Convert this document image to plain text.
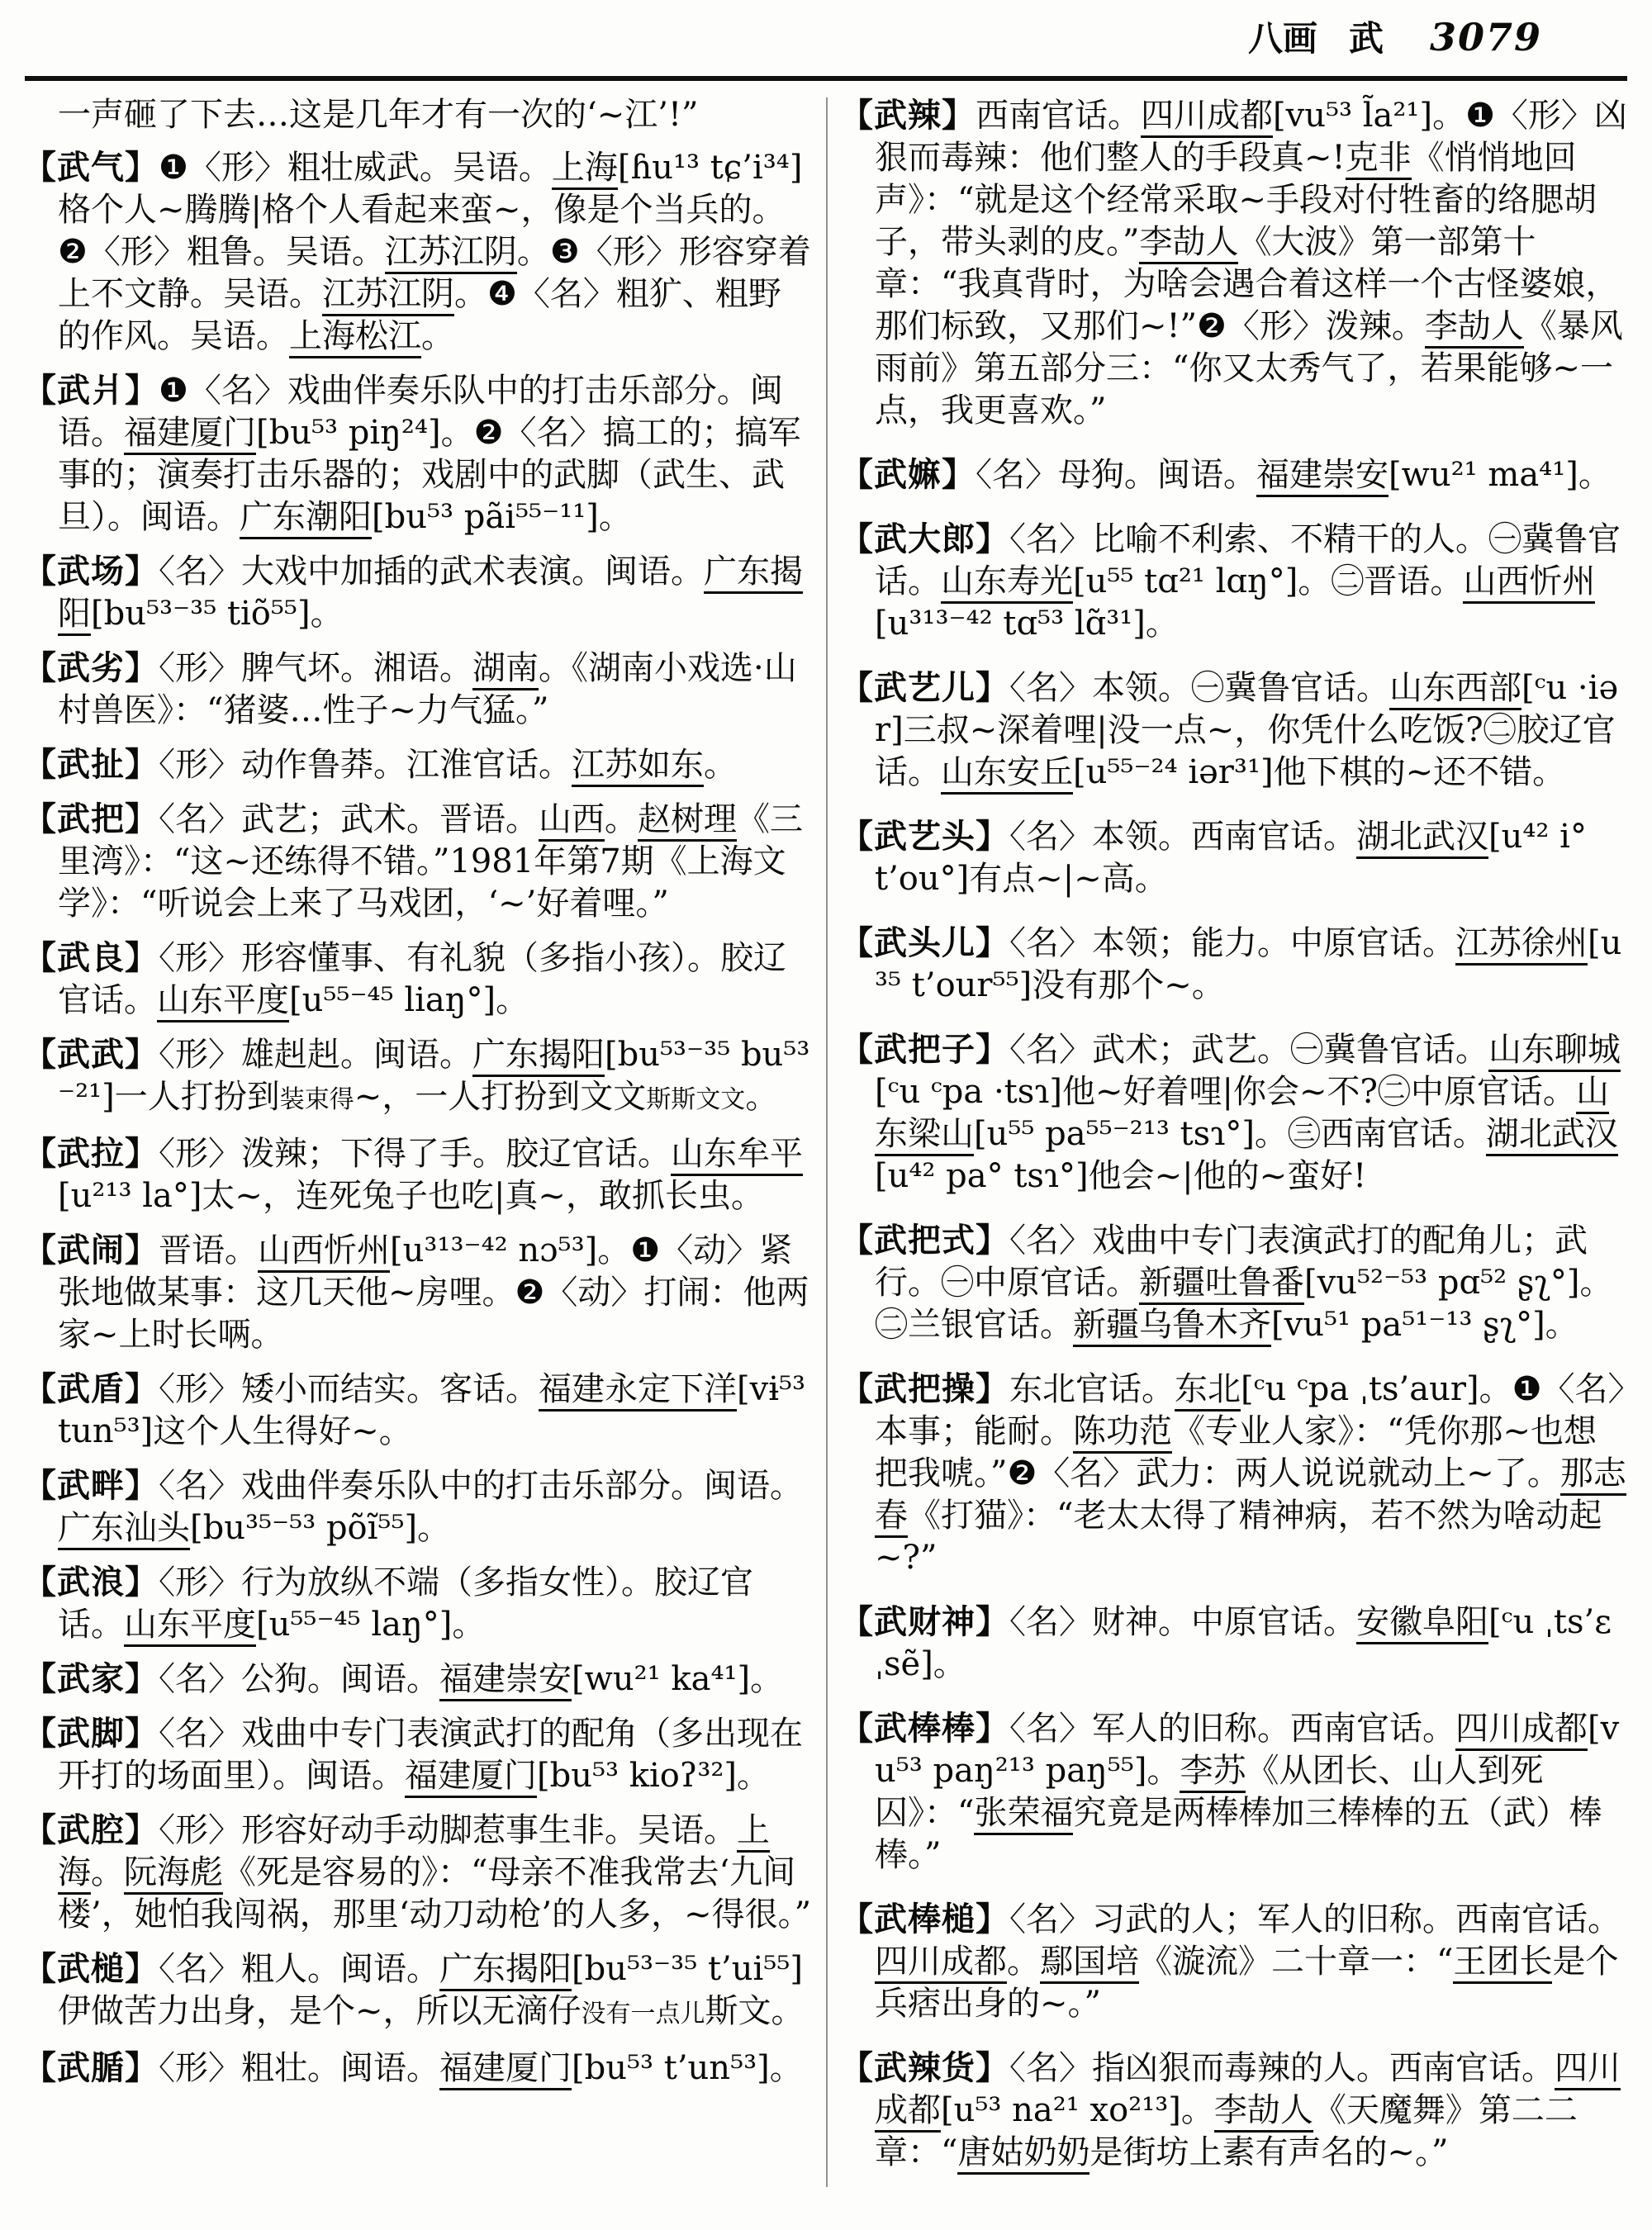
八画 武 3079

一声砸了下去…这是几年才有一次的‘~江’!”

【武气】❶〈形〉粗壮威武。吴语。上海[ɦu¹³ tɕ’i³⁴]格个人~腾腾|格个人看起来蛮~，像是个当兵的。❷〈形〉粗鲁。吴语。江苏江阴。❸〈形〉形容穿着上不文静。吴语。江苏江阴。❹〈名〉粗犷、粗野的作风。吴语。上海松江。

【武爿】❶〈名〉戏曲伴奏乐队中的打击乐部分。闽语。福建厦门[bu⁵³ piŋ²⁴]。❷〈名〉搞工的；搞军事的；演奏打击乐器的；戏剧中的武脚（武生、武旦）。闽语。广东潮阳[bu⁵³ pãi⁵⁵⁻¹¹]。

【武场】〈名〉大戏中加插的武术表演。闽语。广东揭阳[bu⁵³⁻³⁵ tiõ⁵⁵]。

【武劣】〈形〉脾气坏。湘语。湖南。《湖南小戏选·山村兽医》：“猪婆…性子~力气猛。”

【武扯】〈形〉动作鲁莽。江淮官话。江苏如东。

【武把】〈名〉武艺；武术。晋语。山西。赵树理《三里湾》：“这~还练得不错。”1981年第7期《上海文学》：“听说会上来了马戏团，‘~’好着哩。”

【武良】〈形〉形容懂事、有礼貌（多指小孩）。胶辽官话。山东平度[u⁵⁵⁻⁴⁵ liaŋ°]。

【武武】〈形〉雄赳赳。闽语。广东揭阳[bu⁵³⁻³⁵ bu⁵³⁻²¹]一人打扮到装束得~，一人打扮到文文斯斯文文。

【武拉】〈形〉泼辣；下得了手。胶辽官话。山东牟平[u²¹³ la°]太~，连死兔子也吃|真~，敢抓长虫。

【武闹】晋语。山西忻州[u³¹³⁻⁴² nɔ⁵³]。❶〈动〉紧张地做某事：这几天他~房哩。❷〈动〉打闹：他两家~上时长唡。

【武盾】〈形〉矮小而结实。客话。福建永定下洋[vɨ⁵³ tun⁵³]这个人生得好~。

【武畔】〈名〉戏曲伴奏乐队中的打击乐部分。闽语。广东汕头[bu³⁵⁻⁵³ põĩ⁵⁵]。

【武浪】〈形〉行为放纵不端（多指女性）。胶辽官话。山东平度[u⁵⁵⁻⁴⁵ laŋ°]。

【武家】〈名〉公狗。闽语。福建崇安[wu²¹ ka⁴¹]。

【武脚】〈名〉戏曲中专门表演武打的配角（多出现在开打的场面里）。闽语。福建厦门[bu⁵³ kioʔ³²]。

【武腔】〈形〉形容好动手动脚惹事生非。吴语。上海。阮海彪《死是容易的》：“母亲不准我常去‘九间楼’，她怕我闯祸，那里‘动刀动枪’的人多，~得很。”

【武槌】〈名〉粗人。闽语。广东揭阳[bu⁵³⁻³⁵ t’ui⁵⁵]伊做苦力出身，是个~，所以无滴仔没有一点儿斯文。

【武腯】〈形〉粗壮。闽语。福建厦门[bu⁵³ t’un⁵³]。

【武辣】西南官话。四川成都[vu⁵³ l̃a²¹]。❶〈形〉凶狠而毒辣：他们整人的手段真~!克非《悄悄地回声》：“就是这个经常采取~手段对付牲畜的络腮胡子，带头剥的皮。”李劼人《大波》第一部第十章：“我真背时，为啥会遇合着这样一个古怪婆娘，那们标致，又那们~!”❷〈形〉泼辣。李劼人《暴风雨前》第五部分三：“你又太秀气了，若果能够~一点，我更喜欢。”

【武嫲】〈名〉母狗。闽语。福建崇安[wu²¹ ma⁴¹]。

【武大郎】〈名〉比喻不利索、不精干的人。㊀冀鲁官话。山东寿光[u⁵⁵ tɑ²¹ lɑŋ°]。㊁晋语。山西忻州[u³¹³⁻⁴² tɑ⁵³ lɑ̃³¹]。

【武艺儿】〈名〉本领。㊀冀鲁官话。山东西部[ᶜu ·iər]三叔~深着哩|没一点~，你凭什么吃饭?㊁胶辽官话。山东安丘[u⁵⁵⁻²⁴ iər³¹]他下棋的~还不错。

【武艺头】〈名〉本领。西南官话。湖北武汉[u⁴² i° t’ou°]有点~|~高。

【武头儿】〈名〉本领；能力。中原官话。江苏徐州[u³⁵ t’our⁵⁵]没有那个~。

【武把子】〈名〉武术；武艺。㊀冀鲁官话。山东聊城[ᶜu ᶜpa ·tsɿ]他~好着哩|你会~不?㊁中原官话。山东梁山[u⁵⁵ pa⁵⁵⁻²¹³ tsɿ°]。㊂西南官话。湖北武汉[u⁴² pa° tsɿ°]他会~|他的~蛮好!

【武把式】〈名〉戏曲中专门表演武打的配角儿；武行。㊀中原官话。新疆吐鲁番[vu⁵²⁻⁵³ pɑ⁵² ʂʅ°]。㊁兰银官话。新疆乌鲁木齐[vu⁵¹ pa⁵¹⁻¹³ ʂʅ°]。

【武把操】东北官话。东北[ᶜu ᶜpa ˌts’aur]。❶〈名〉本事；能耐。陈功范《专业人家》：“凭你那~也想把我唬。”❷〈名〉武力：两人说说就动上~了。那志春《打猫》：“老太太得了精神病，若不然为啥动起~?”

【武财神】〈名〉财神。中原官话。安徽阜阳[ᶜu ˌts’ɛ ˌsẽ]。

【武棒棒】〈名〉军人的旧称。西南官话。四川成都[vu⁵³ paŋ²¹³ paŋ⁵⁵]。李苏《从团长、山人到死囚》：“张荣福究竟是两棒棒加三棒棒的五（武）棒棒。”

【武棒槌】〈名〉习武的人；军人的旧称。西南官话。四川成都。鄢国培《漩流》二十章一：“王团长是个兵痞出身的~。”

【武辣货】〈名〉指凶狠而毒辣的人。西南官话。四川成都[u⁵³ na²¹ xo²¹³]。李劼人《天魔舞》第二二章：“唐姑奶奶是街坊上素有声名的~。”
